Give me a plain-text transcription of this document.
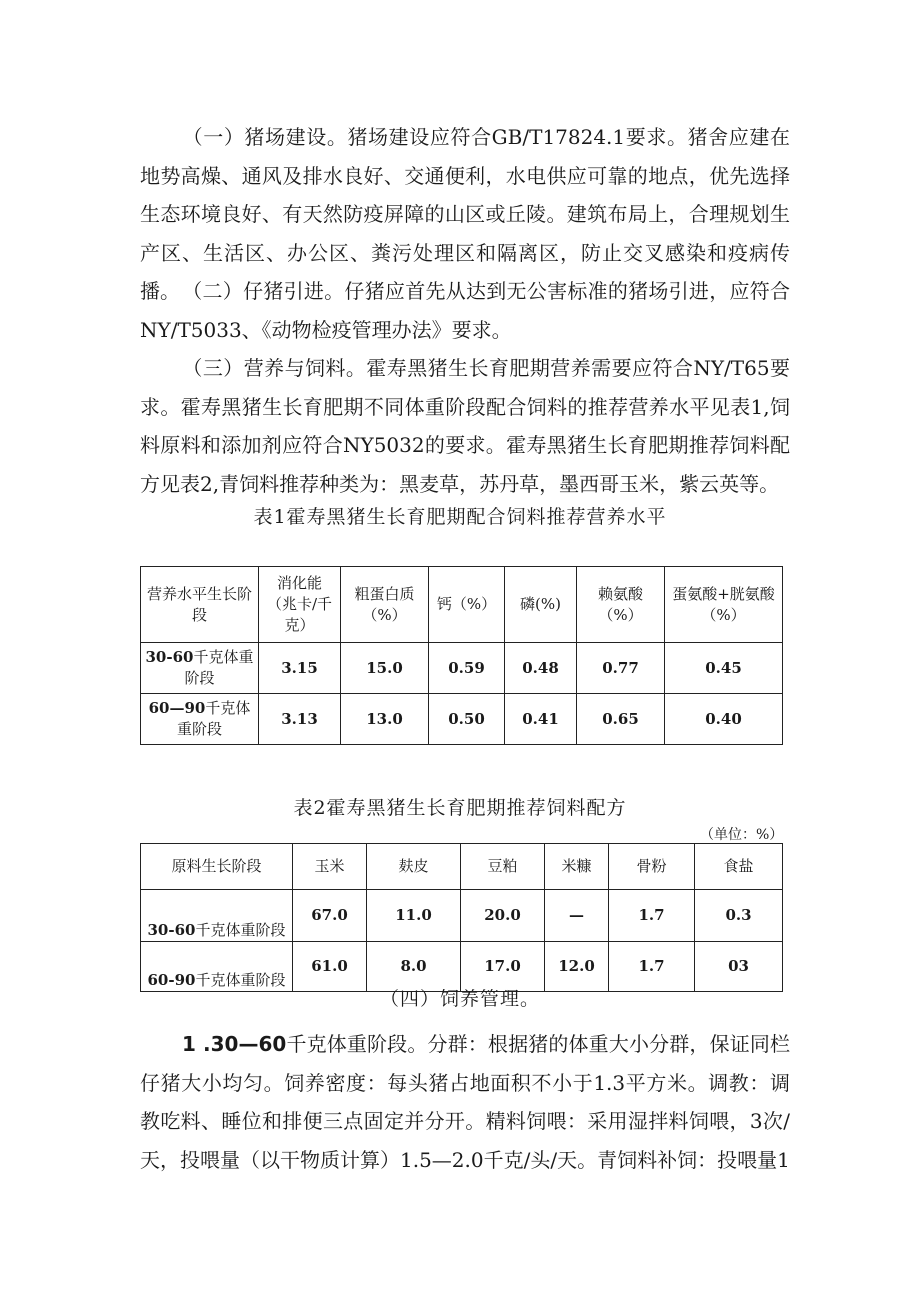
（一）猪场建设。猪场建设应符合GB/T17824.1要求。猪舍应建在地势高燥、通风及排水良好、交通便利，水电供应可靠的地点，优先选择生态环境良好、有天然防疫屏障的山区或丘陵。建筑布局上，合理规划生产区、生活区、办公区、粪污处理区和隔离区，防止交叉感染和疫病传播。 （二）仔猪引进。仔猪应首先从达到无公害标准的猪场引进，应符合NY/T5033、《动物检疫管理办法》要求。

（三）营养与饲料。霍寿黑猪生长育肥期营养需要应符合NY/T65要求。霍寿黑猪生长育肥期不同体重阶段配合饲料的推荐营养水平见表1,饲料原料和添加剂应符合NY5032的要求。霍寿黑猪生长育肥期推荐饲料配方见表2,青饲料推荐种类为：黑麦草，苏丹草，墨西哥玉米，紫云英等。

表1霍寿黑猪生长育肥期配合饲料推荐营养水平

营养水平生长阶段	消化能（兆卡/千克）	粗蛋白质（%）	钙（%）	磷(%)	赖氨酸（%）	蛋氨酸+胱氨酸（%）
30-60千克体重阶段	3.15	15.0	0.59	0.48	0.77	0.45
60—90千克体重阶段	3.13	13.0	0.50	0.41	0.65	0.40

表2霍寿黑猪生长育肥期推荐饲料配方

（单位：%）
原料生长阶段	玉米	麸皮	豆粕	米糠	骨粉	食盐
30-60千克体重阶段	67.0	11.0	20.0	—	1.7	0.3
60-90千克体重阶段	61.0	8.0	17.0	12.0	1.7	03

（四）饲养管理。

1 .30—60千克体重阶段。分群：根据猪的体重大小分群，保证同栏仔猪大小均匀。饲养密度：每头猪占地面积不小于1.3平方米。调教：调教吃料、睡位和排便三点固定并分开。精料饲喂：采用湿拌料饲喂，3次/天，投喂量（以干物质计算）1.5—2.0千克/头/天。青饲料补饲：投喂量1
